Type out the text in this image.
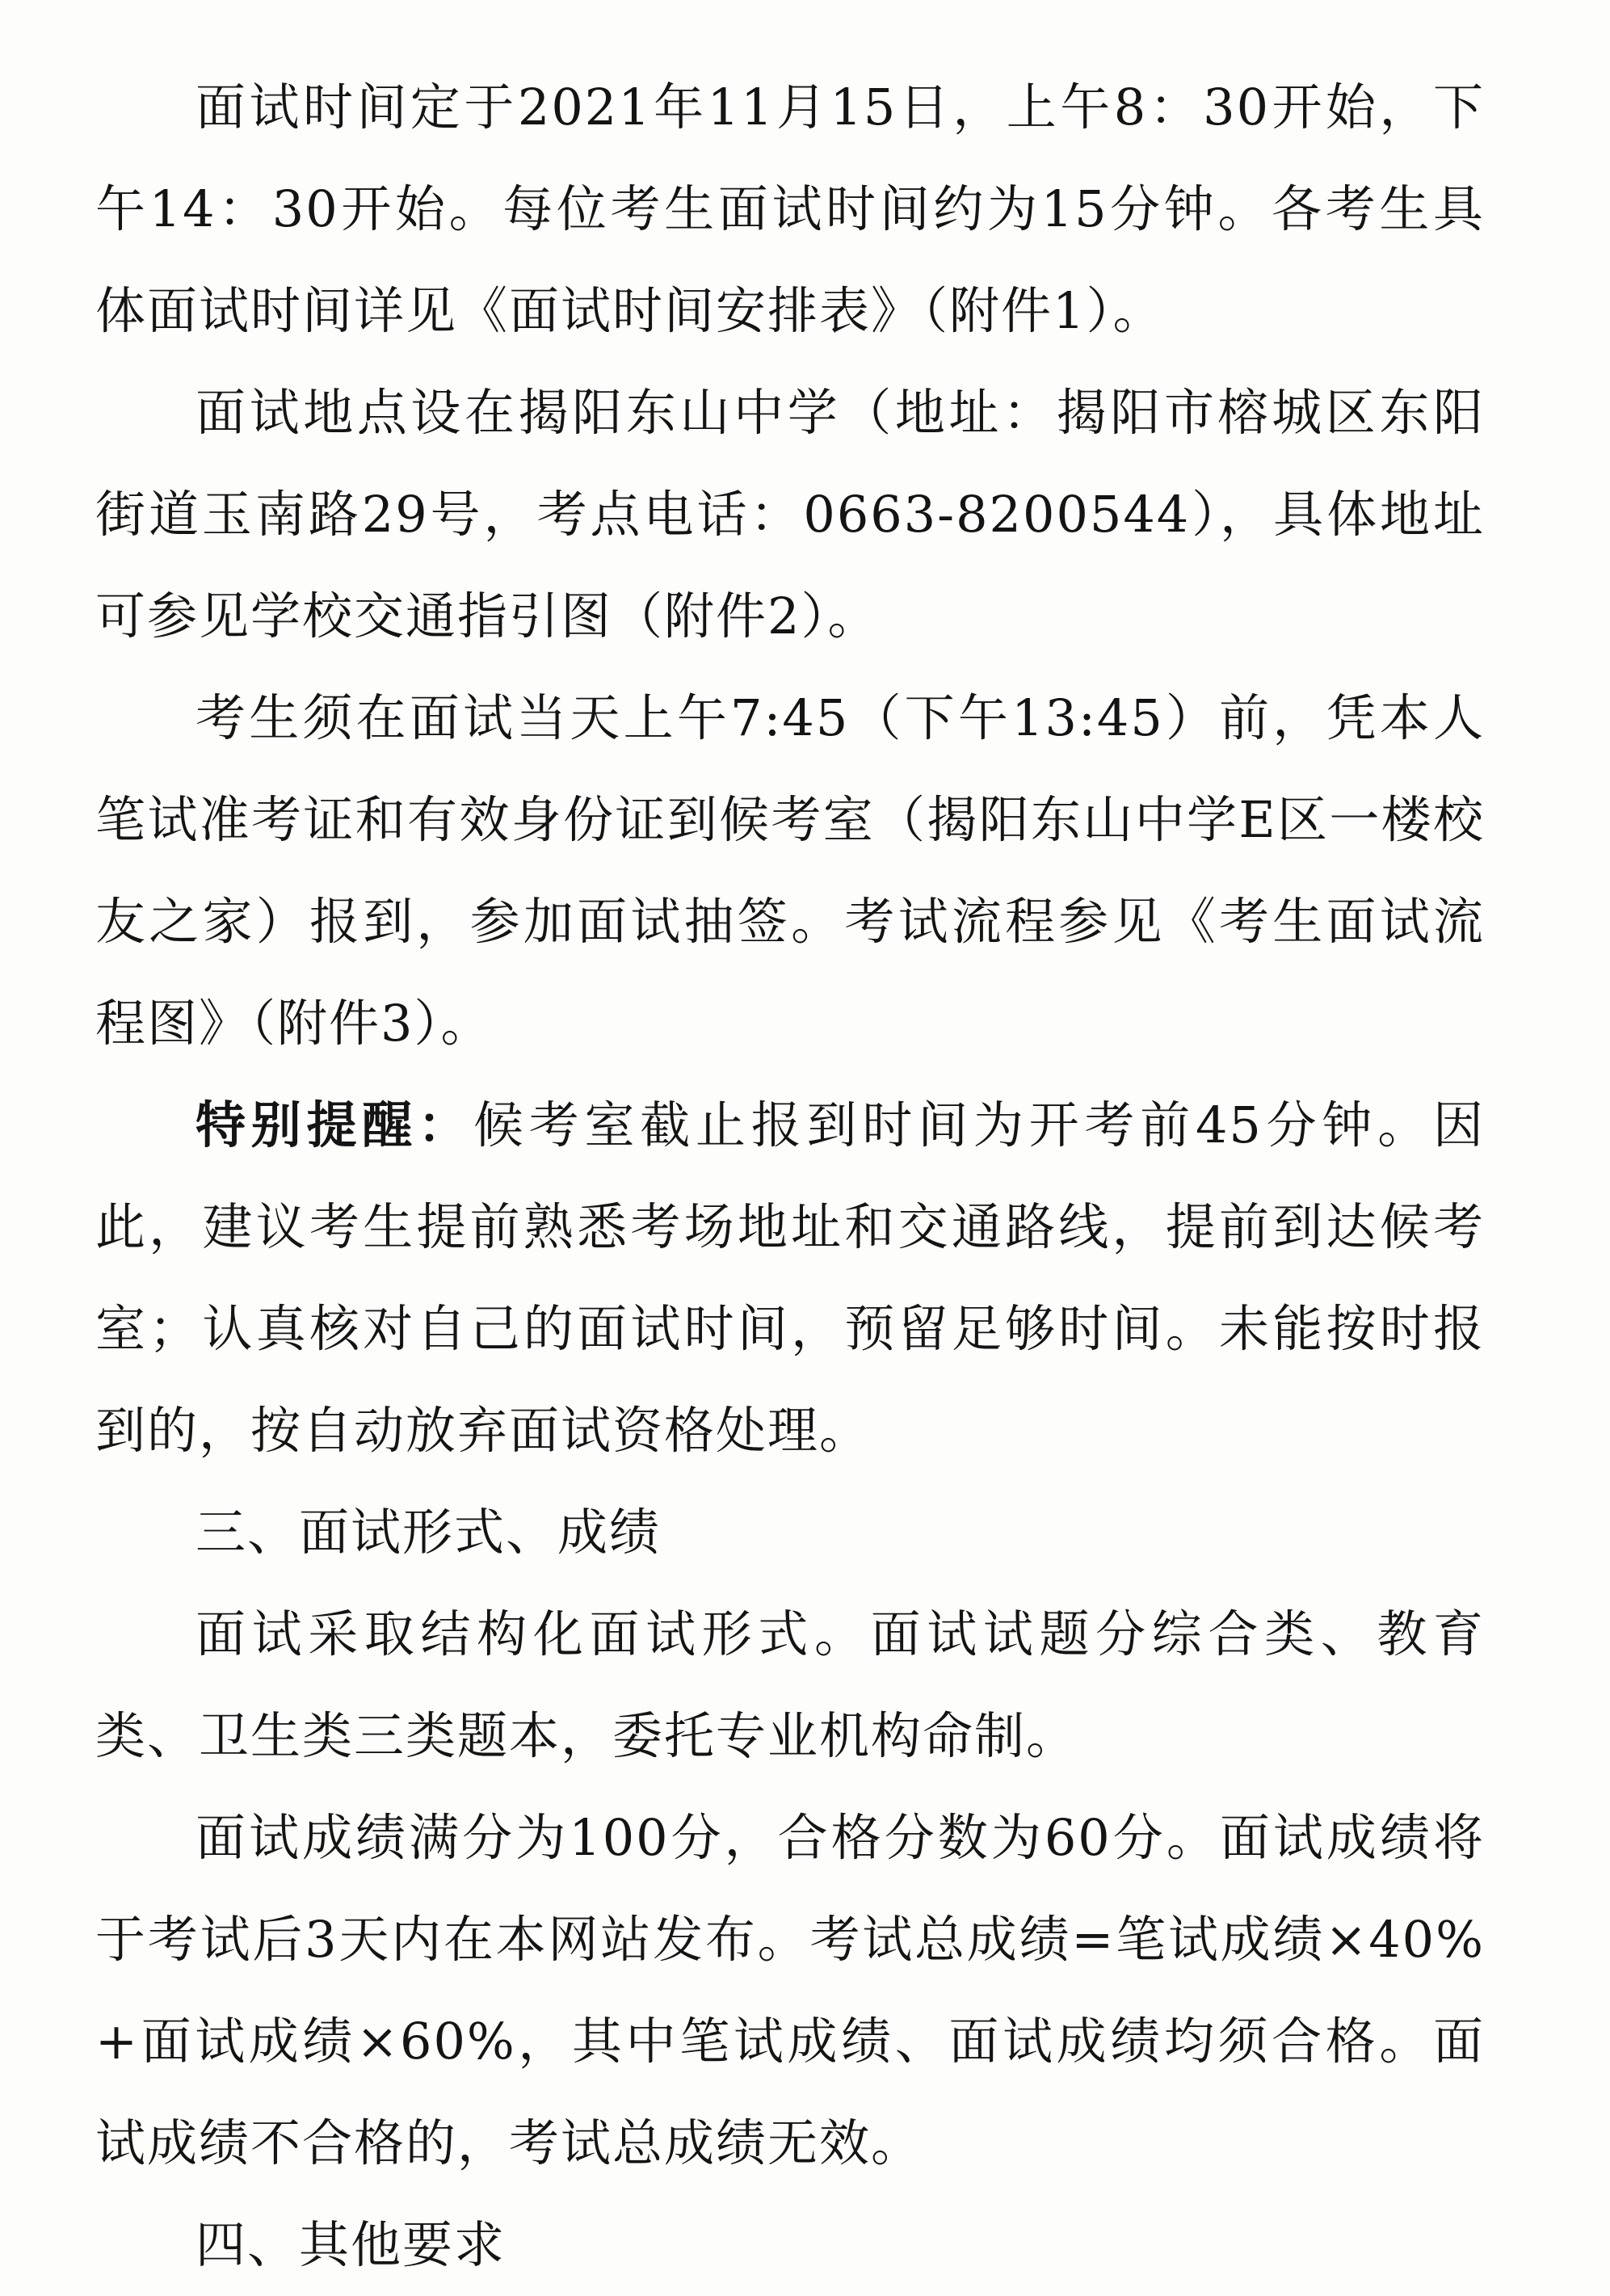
面试时间定于2021年11月15日，上午8：30开始，下午14：30开始。每位考生面试时间约为15分钟。各考生具体面试时间详见《面试时间安排表》（附件1）。

面试地点设在揭阳东山中学（地址：揭阳市榕城区东阳街道玉南路29号，考点电话：0663-8200544），具体地址可参见学校交通指引图（附件2）。

考生须在面试当天上午7:45（下午13:45）前，凭本人笔试准考证和有效身份证到候考室（揭阳东山中学E区一楼校友之家）报到，参加面试抽签。考试流程参见《考生面试流程图》（附件3）。

特别提醒：候考室截止报到时间为开考前45分钟。因此，建议考生提前熟悉考场地址和交通路线，提前到达候考室；认真核对自己的面试时间，预留足够时间。未能按时报到的，按自动放弃面试资格处理。

三、面试形式、成绩

面试采取结构化面试形式。面试试题分综合类、教育类、卫生类三类题本，委托专业机构命制。

面试成绩满分为100分，合格分数为60分。面试成绩将于考试后3天内在本网站发布。考试总成绩=笔试成绩×40%+面试成绩×60%，其中笔试成绩、面试成绩均须合格。面试成绩不合格的，考试总成绩无效。

四、其他要求
